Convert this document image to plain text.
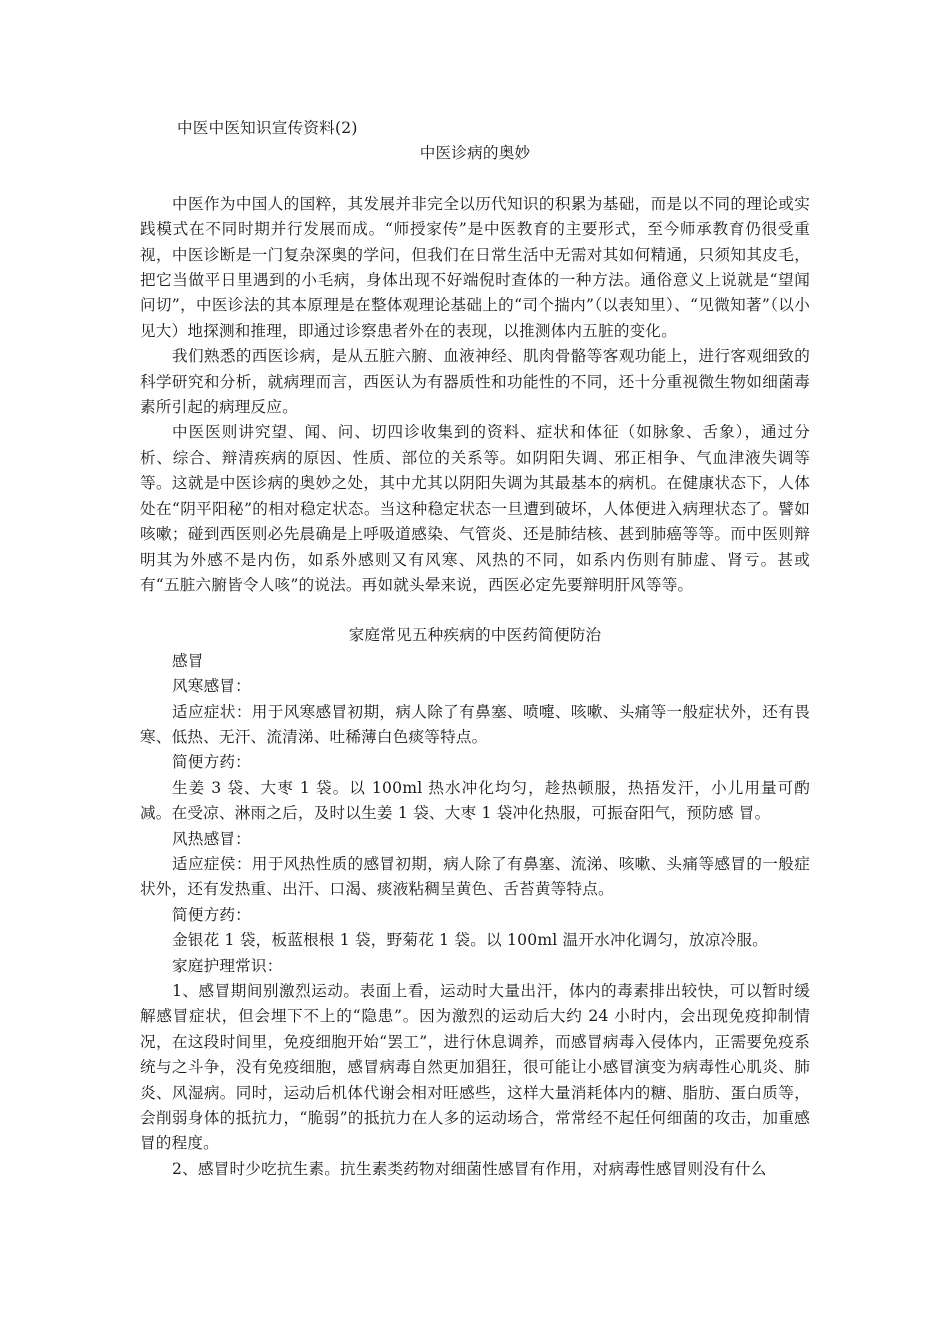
中医中医知识宣传资料(2)

中医诊病的奥妙

中医作为中国人的国粹，其发展并非完全以历代知识的积累为基础，而是以不同的理论或实践模式在不同时期并行发展而成。“师授家传”是中医教育的主要形式，至今师承教育仍很受重视，中医诊断是一门复杂深奥的学问，但我们在日常生活中无需对其如何精通，只须知其皮毛，把它当做平日里遇到的小毛病，身体出现不好端倪时查体的一种方法。通俗意义上说就是“望闻问切”，中医诊法的其本原理是在整体观理论基础上的“司个揣内”（以表知里）、“见微知著”（以小见大）地探测和推理，即通过诊察患者外在的表现，以推测体内五脏的变化。

我们熟悉的西医诊病，是从五脏六腑、血液神经、肌肉骨骼等客观功能上，进行客观细致的科学研究和分析，就病理而言，西医认为有器质性和功能性的不同，还十分重视微生物如细菌毒素所引起的病理反应。

中医医则讲究望、闻、问、切四诊收集到的资料、症状和体征（如脉象、舌象），通过分析、综合、辩清疾病的原因、性质、部位的关系等。如阴阳失调、邪正相争、气血津液失调等等。这就是中医诊病的奥妙之处，其中尤其以阴阳失调为其最基本的病机。在健康状态下，人体处在“阴平阳秘”的相对稳定状态。当这种稳定状态一旦遭到破坏，人体便进入病理状态了。譬如咳嗽；碰到西医则必先晨确是上呼吸道感染、气管炎、还是肺结核、甚到肺癌等等。而中医则辩明其为外感不是内伤，如系外感则又有风寒、风热的不同，如系内伤则有肺虚、肾亏。甚或有“五脏六腑皆令人咳”的说法。再如就头晕来说，西医必定先要辩明肝风等等。

家庭常见五种疾病的中医药简便防治

感冒

风寒感冒：

适应症状：用于风寒感冒初期，病人除了有鼻塞、喷嚏、咳嗽、头痛等一般症状外，还有畏寒、低热、无汗、流清涕、吐稀薄白色痰等特点。

简便方药：

生姜 3 袋、大枣 1 袋。以 100ml 热水冲化均匀，趁热顿服，热捂发汗，小儿用量可酌减。在受凉、淋雨之后，及时以生姜 1 袋、大枣 1 袋冲化热服，可振奋阳气，预防感 冒。

风热感冒：

适应症侯：用于风热性质的感冒初期，病人除了有鼻塞、流涕、咳嗽、头痛等感冒的一般症状外，还有发热重、出汗、口渴、痰液粘稠呈黄色、舌苔黄等特点。

简便方药：

金银花 1 袋，板蓝根根 1 袋，野菊花 1 袋。以 100ml 温开水冲化调匀，放凉冷服。

家庭护理常识：

1、感冒期间别激烈运动。表面上看，运动时大量出汗，体内的毒素排出较快，可以暂时缓解感冒症状，但会埋下不上的“隐患”。因为激烈的运动后大约 24 小时内，会出现免疫抑制情况，在这段时间里，免疫细胞开始“罢工”，进行休息调养，而感冒病毒入侵体内，正需要免疫系统与之斗争，没有免疫细胞，感冒病毒自然更加猖狂，很可能让小感冒演变为病毒性心肌炎、肺炎、风湿病。同时，运动后机体代谢会相对旺感些，这样大量消耗体内的糖、脂肪、蛋白质等，会削弱身体的抵抗力，“脆弱”的抵抗力在人多的运动场合，常常经不起任何细菌的攻击，加重感冒的程度。

2、感冒时少吃抗生素。抗生素类药物对细菌性感冒有作用，对病毒性感冒则没有什么
